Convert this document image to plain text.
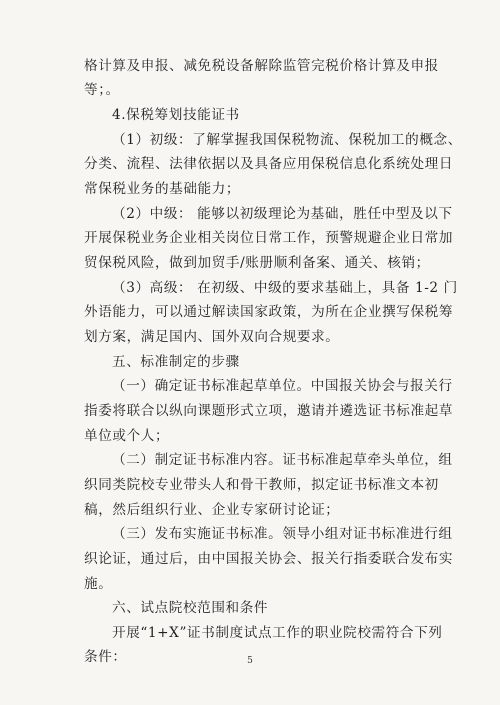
格计算及申报、减免税设备解除监管完税价格计算及申报
等；。
4.保税筹划技能证书
（1）初级：了解掌握我国保税物流、保税加工的概念、
分类、流程、法律依据以及具备应用保税信息化系统处理日
常保税业务的基础能力；
（2）中级： 能够以初级理论为基础，胜任中型及以下
开展保税业务企业相关岗位日常工作，预警规避企业日常加
贸保税风险，做到加贸手/账册顺利备案、通关、核销；
（3）高级： 在初级、中级的要求基础上，具备 1-2 门
外语能力，可以通过解读国家政策，为所在企业撰写保税筹
划方案，满足国内、国外双向合规要求。
五、标准制定的步骤
（一）确定证书标准起草单位。中国报关协会与报关行
指委将联合以纵向课题形式立项，邀请并遴选证书标准起草
单位或个人；
（二）制定证书标准内容。证书标准起草牵头单位，组
织同类院校专业带头人和骨干教师，拟定证书标准文本初
稿，然后组织行业、企业专家研讨论证；
（三）发布实施证书标准。领导小组对证书标准进行组
织论证，通过后，由中国报关协会、报关行指委联合发布实
施。
六、试点院校范围和条件
开展“1+X”证书制度试点工作的职业院校需符合下列
条件：	5
